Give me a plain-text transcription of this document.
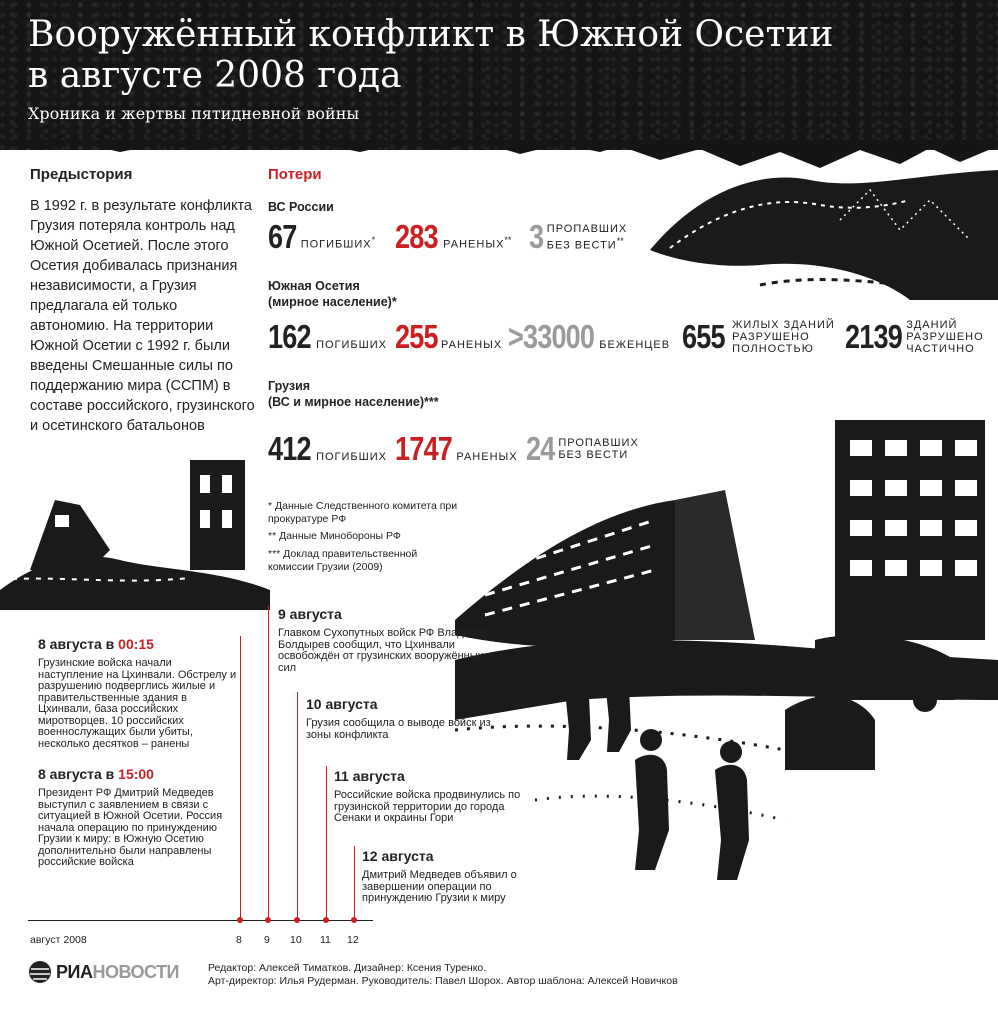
Вооружённый конфликт в Южной Осетии
в августе 2008 года
Хроника и жертвы пятидневной войны
Предыстория
В 1992 г. в результате конфликта Грузия потеряла контроль над Южной Осетией. После этого Осетия добивалась признания независимости, а Грузия предлагала ей только автономию. На территории Южной Осетии с 1992 г. были введены Смешанные силы по поддержанию мира (ССПМ) в составе российского, грузинского и осетинского батальонов
Потери
ВС России
67 ПОГИБШИХ* 283 РАНЕНЫХ** 3 ПРОПАВШИХ
БЕЗ ВЕСТИ**
Южная Осетия
(мирное население)*
162 ПОГИБШИХ 255 РАНЕНЫХ >33000 БЕЖЕНЦЕВ 655 ЖИЛЫХ ЗДАНИЙ
РАЗРУШЕНО
ПОЛНОСТЬЮ 2139 ЗДАНИЙ
РАЗРУШЕНО
ЧАСТИЧНО
Грузия
(ВС и мирное население)***
412 ПОГИБШИХ 1747 РАНЕНЫХ 24 ПРОПАВШИХ
БЕЗ ВЕСТИ
* Данные Следственного комитета при прокуратуре РФ
** Данные Минобороны РФ
*** Доклад правительственной комиссии Грузии (2009)
8 августа в 00:15
Грузинские войска начали наступление на Цхинвали. Обстрелу и разрушению подверглись жилые и правительственные здания в Цхинвали, база российских миротворцев. 10 российских военнослужащих были убиты, несколько десятков – ранены
8 августа в 15:00
Президент РФ Дмитрий Медведев выступил с заявлением в связи с ситуацией в Южной Осетии. Россия начала операцию по принуждению Грузии к миру: в Южную Осетию дополнительно были направлены российские войска
9 августа
Главком Сухопутных войск РФ Владимир Болдырев сообщил, что Цхинвали освобождён от грузинских вооружённых сил
10 августа
Грузия сообщила о выводе войск из зоны конфликта
11 августа
Российские войска продвинулись по грузинской территории до города Сенаки и окраины Гори
12 августа
Дмитрий Медведев объявил о завершении операции по принуждению Грузии к миру
август 2008	8 9 10 11 12
РИА НОВОСТИ	Редактор: Алексей Тиматков. Дизайнер: Ксения Туренко.
Арт-директор: Илья Рудерман. Руководитель: Павел Шорох. Автор шаблона: Алексей Новичков
